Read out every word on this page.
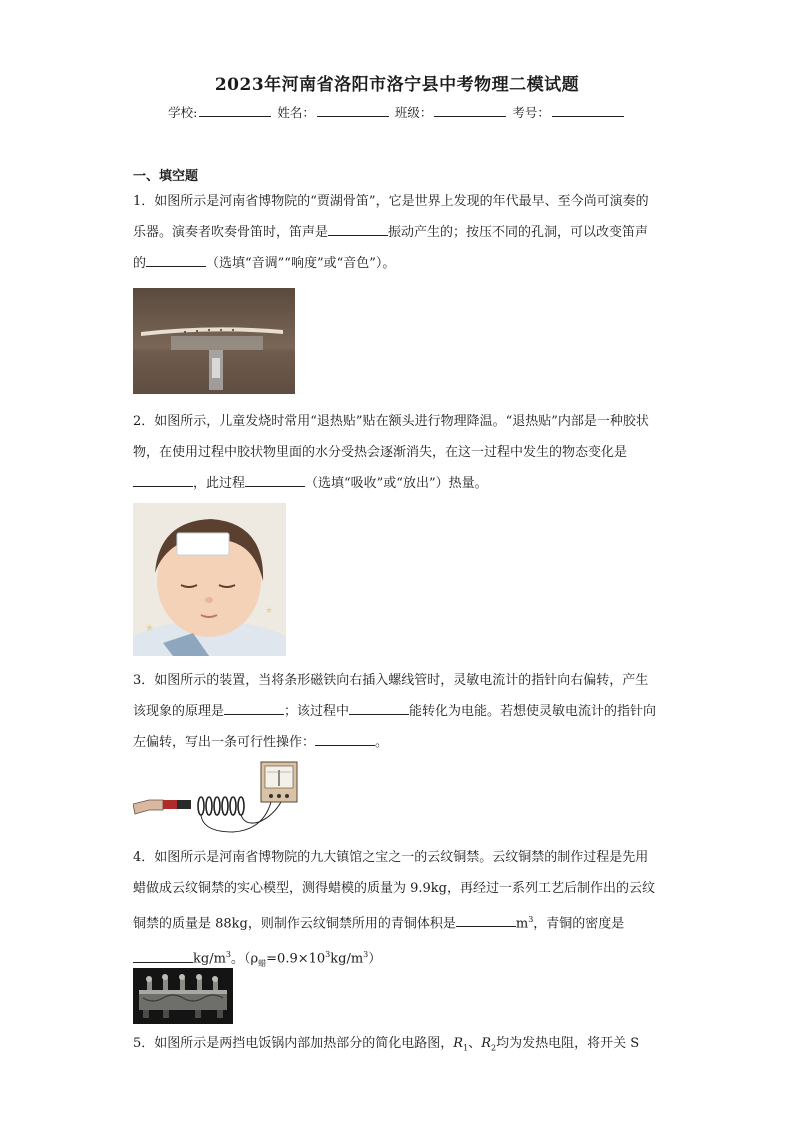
2023年河南省洛阳市洛宁县中考物理二模试题
学校:	姓名：	班级：	考号：
一、填空题
1．如图所示是河南省博物院的“贾湖骨笛”，它是世界上发现的年代最早、至今尚可演奏的乐器。演奏者吹奏骨笛时，笛声是	振动产生的；按压不同的孔洞，可以改变笛声的	（选填“音调”“响度”或“音色”）。
2．如图所示，儿童发烧时常用“退热贴”贴在额头进行物理降温。“退热贴”内部是一种胶状物，在使用过程中胶状物里面的水分受热会逐渐消失，在这一过程中发生的物态变化是，此过程	（选填“吸收”或“放出”）热量。
★
★
3．如图所示的装置，当将条形磁铁向右插入螺线管时，灵敏电流计的指针向右偏转，产生该现象的原理是	；该过程中	能转化为电能。若想使灵敏电流计的指针向左偏转，写出一条可行性操作：	。
4．如图所示是河南省博物院的九大镇馆之宝之一的云纹铜禁。云纹铜禁的制作过程是先用蜡做成云纹铜禁的实心模型，测得蜡模的质量为 9.9kg，再经过一系列工艺后制作出的云纹铜禁的质量是 88kg，则制作云纹铜禁所用的青铜体积是	$m^3$，青铜的密度是$kg/m^3$。$(\rho_蜡=0.9\times 10^3kg/m^3)$
5．如图所示是两挡电饭锅内部加热部分的简化电路图，$R_1$、$R_2$均为发热电阻，将开关 S
